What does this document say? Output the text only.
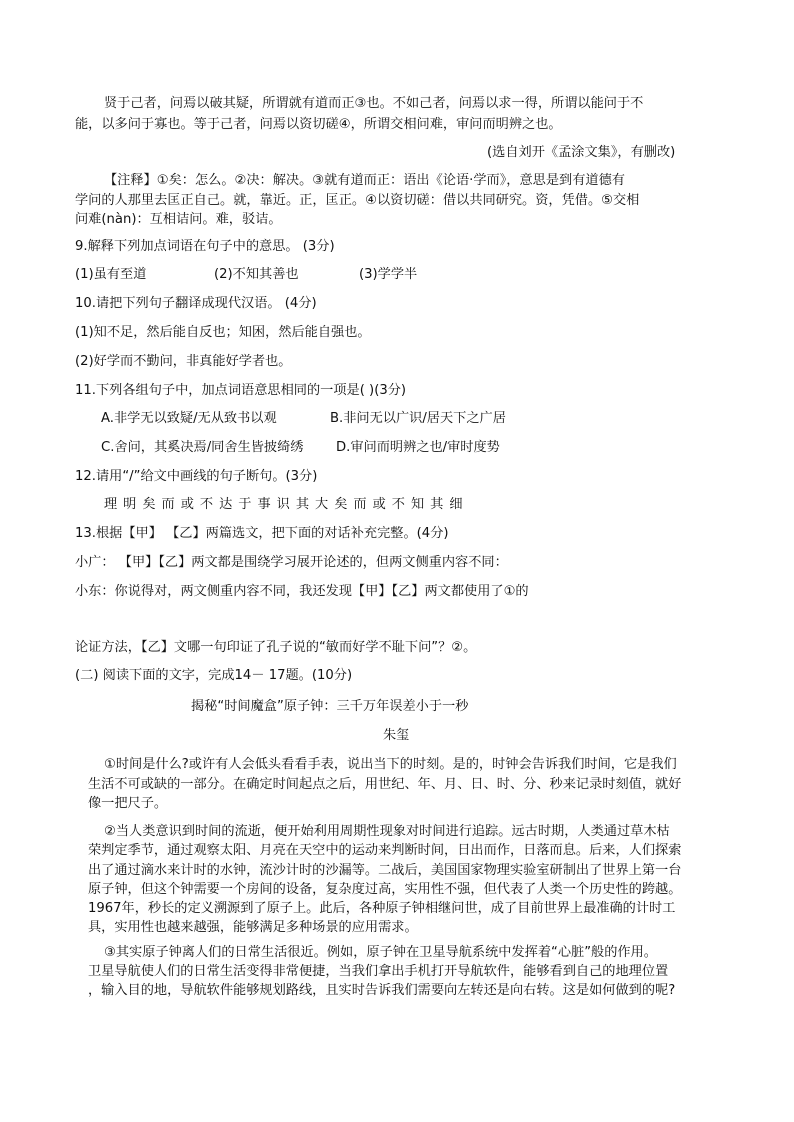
贤于己者，问焉以破其疑，所谓就有道而正③也。不如己者，问焉以求一得，所谓以能问于不
能，以多问于寡也。等于己者，问焉以资切磋④，所谓交相问难，审问而明辨之也。
(选自刘开《孟涂文集》，有删改)
【注释】①矣：怎么。②决：解决。③就有道而正：语出《论语·学而》，意思是到有道德有
学问的人那里去匡正自己。就，靠近。正，匡正。④以资切磋：借以共同研究。资，凭借。⑤交相
问难(nàn)：互相诘问。难，驳诘。
9.解释下列加点词语在句子中的意思。 (3分)
(1)虽有至道	(2)不知其善也	(3)学学半
10.请把下列句子翻译成现代汉语。 (4分)
(1)知不足，然后能自反也；知困，然后能自强也。
(2)好学而不勤问，非真能好学者也。
11.下列各组句子中，加点词语意思相同的一项是( )(3分)
A.非学无以致疑/无从致书以观	B.非问无以广识/居天下之广居
C.舍问，其奚决焉/同舍生皆披绮绣 D.审问而明辨之也/审时度势
12.请用“/”给文中画线的句子断句。(3分)
理明矣而或不达于事识其大矣而或不知其细
13.根据【甲】 【乙】两篇选文，把下面的对话补充完整。(4分)
小广： 【甲】【乙】两文都是围绕学习展开论述的，但两文侧重内容不同：
小东：你说得对，两文侧重内容不同，我还发现【甲】【乙】两文都使用了①的
论证方法，【乙】文哪一句印证了孔子说的“敏而好学不耻下问”？②。
(二) 阅读下面的文字，完成14－ 17题。(10分)
揭秘“时间魔盒”原子钟：三千万年误差小于一秒
朱玺
①时间是什么?或许有人会低头看看手表，说出当下的时刻。是的，时钟会告诉我们时间，它是我们
生活不可或缺的一部分。在确定时间起点之后，用世纪、年、月、日、时、分、秒来记录时刻值，就好
像一把尺子。
②当人类意识到时间的流逝，便开始利用周期性现象对时间进行追踪。远古时期，人类通过草木枯
荣判定季节，通过观察太阳、月亮在天空中的运动来判断时间，日出而作，日落而息。后来，人们探索
出了通过滴水来计时的水钟，流沙计时的沙漏等。二战后，美国国家物理实验室研制出了世界上第一台
原子钟，但这个钟需要一个房间的设备，复杂度过高，实用性不强，但代表了人类一个历史性的跨越。
1967年，秒长的定义溯源到了原子上。此后，各种原子钟相继问世，成了目前世界上最准确的计时工
具，实用性也越来越强，能够满足多种场景的应用需求。
③其实原子钟离人们的日常生活很近。例如，原子钟在卫星导航系统中发挥着“心脏”般的作用。
卫星导航使人们的日常生活变得非常便捷，当我们拿出手机打开导航软件，能够看到自己的地理位置
，输入目的地，导航软件能够规划路线，且实时告诉我们需要向左转还是向右转。这是如何做到的呢?
